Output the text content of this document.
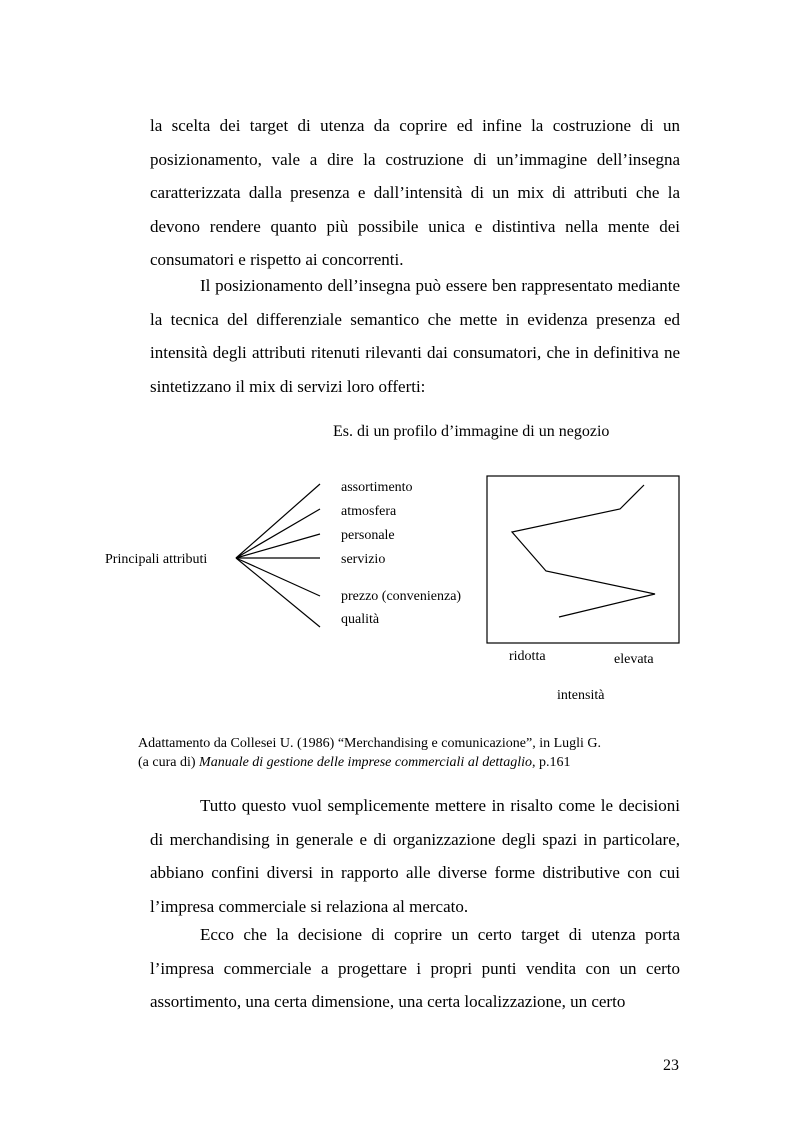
la scelta dei target di utenza da coprire ed infine la costruzione di un posizionamento, vale a dire la costruzione di un’immagine dell’insegna caratterizzata dalla presenza e dall’intensità di un mix di attributi che la devono rendere quanto più possibile unica e distintiva nella mente dei consumatori e rispetto ai concorrenti.

Il posizionamento dell’insegna può essere ben rappresentato mediante la tecnica del differenziale semantico che mette in evidenza presenza ed intensità degli attributi ritenuti rilevanti dai consumatori, che in definitiva ne sintetizzano il mix di servizi loro offerti:

Es. di un profilo d’immagine di un negozio
Principali attributi
assortimento
atmosfera
personale
servizio
prezzo (convenienza)
qualità
ridotta	elevata
intensità

Adattamento da Collesei U. (1986) “Merchandising e comunicazione”, in Lugli G.
(a cura di) Manuale di gestione delle imprese commerciali al dettaglio, p.161

Tutto questo vuol semplicemente mettere in risalto come le decisioni di merchandising in generale e di organizzazione degli spazi in particolare, abbiano confini diversi in rapporto alle diverse forme distributive con cui l’impresa commerciale si relaziona al mercato.

Ecco che la decisione di coprire un certo target di utenza porta l’impresa commerciale a progettare i propri punti vendita con un certo assortimento, una certa dimensione, una certa localizzazione, un certo

23
